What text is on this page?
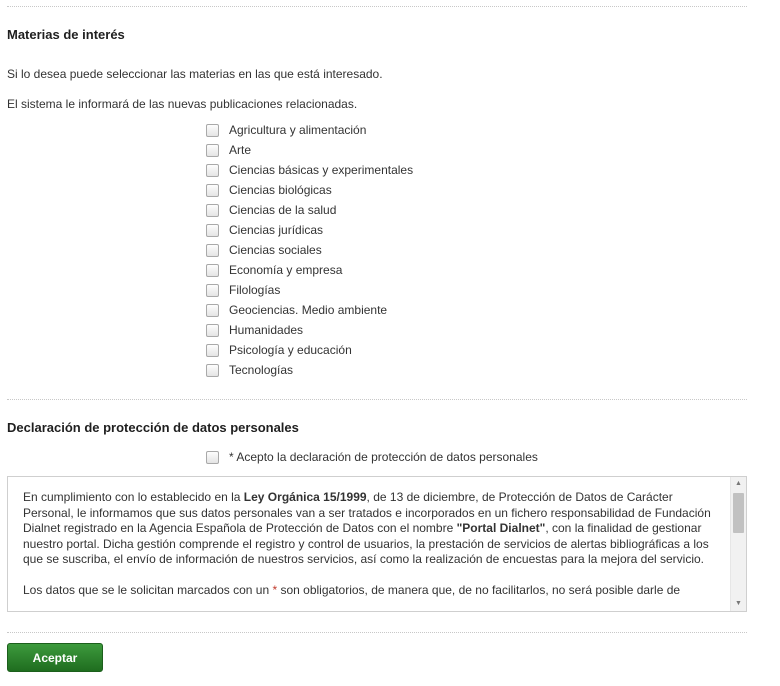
Materias de interés
Si lo desea puede seleccionar las materias en las que está interesado.
El sistema le informará de las nuevas publicaciones relacionadas.
Agricultura y alimentación
Arte
Ciencias básicas y experimentales
Ciencias biológicas
Ciencias de la salud
Ciencias jurídicas
Ciencias sociales
Economía y empresa
Filologías
Geociencias. Medio ambiente
Humanidades
Psicología y educación
Tecnologías
Declaración de protección de datos personales
* Acepto la declaración de protección de datos personales

En cumplimiento con lo establecido en la Ley Orgánica 15/1999, de 13 de diciembre, de Protección de Datos de Carácter Personal, le informamos que sus datos personales van a ser tratados e incorporados en un fichero responsabilidad de Fundación Dialnet registrado en la Agencia Española de Protección de Datos con el nombre "Portal Dialnet", con la finalidad de gestionar nuestro portal. Dicha gestión comprende el registro y control de usuarios, la prestación de servicios de alertas bibliográficas a los que se suscriba, el envío de información de nuestros servicios, así como la realización de encuestas para la mejora del servicio.

Los datos que se le solicitan marcados con un * son obligatorios, de manera que, de no facilitarlos, no será posible darle de

▲
▼
Aceptar
